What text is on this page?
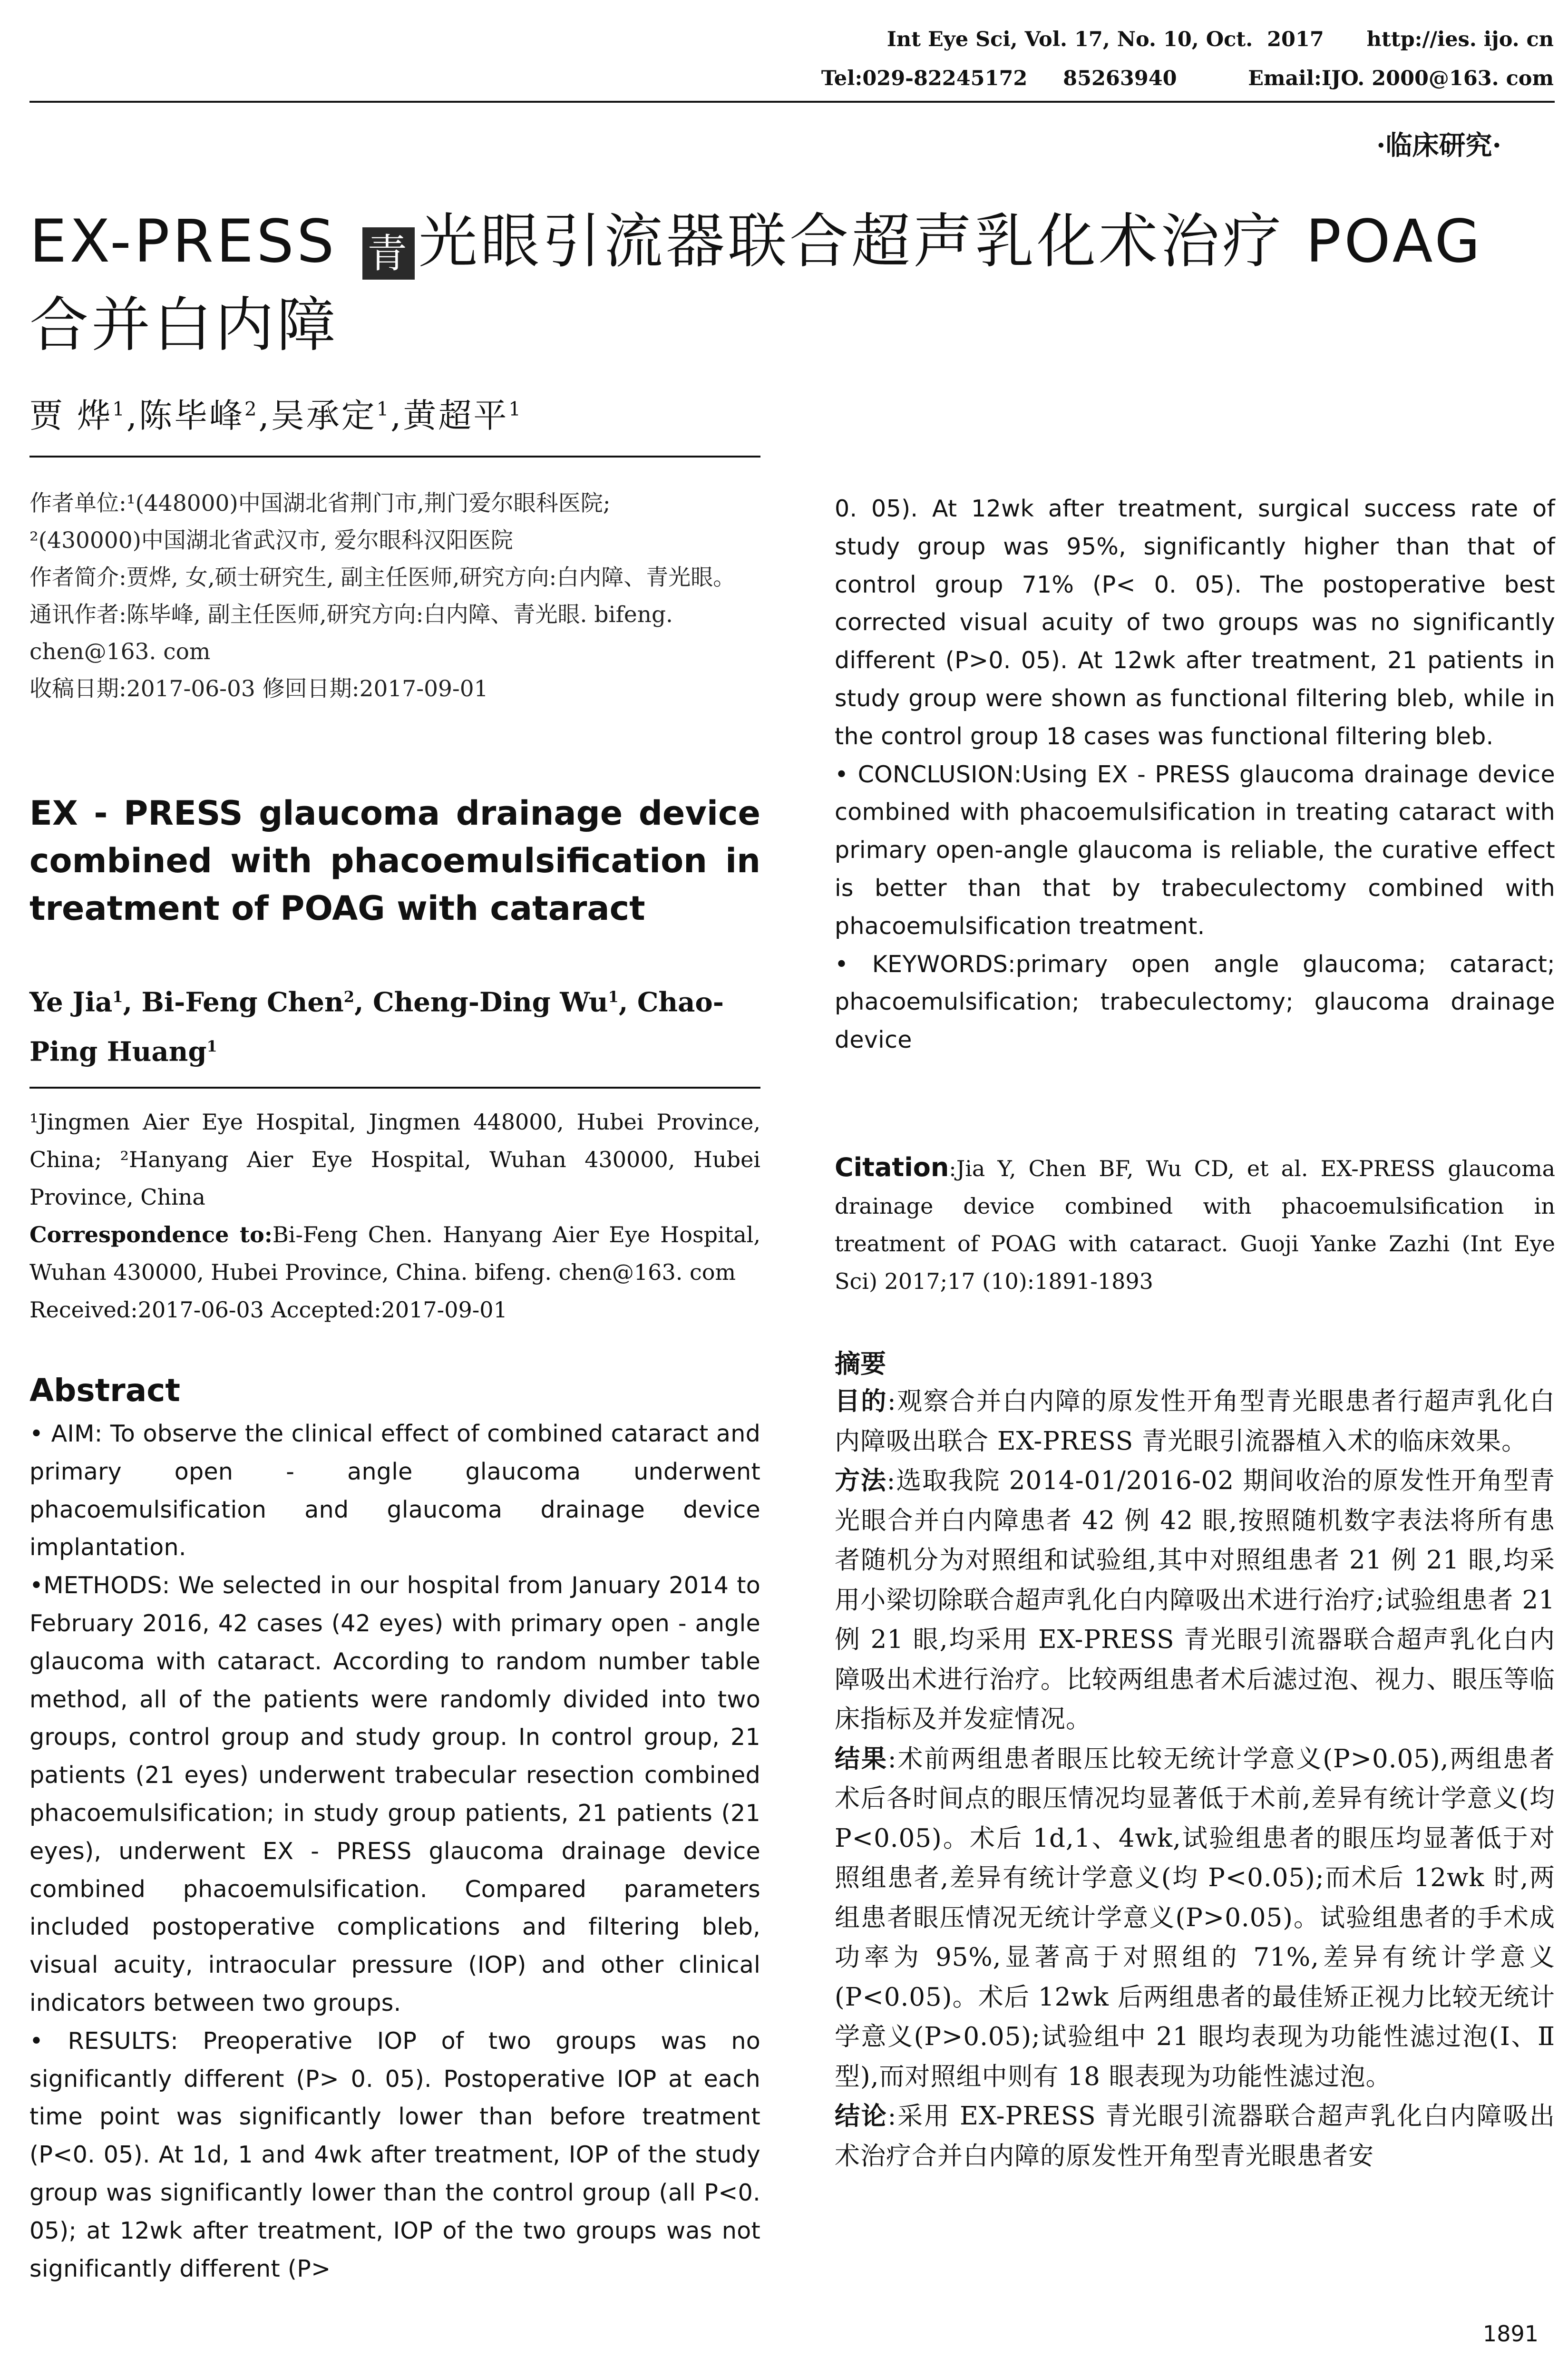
Int Eye Sci, Vol. 17, No. 10, Oct.  2017      http://ies. ijo. cn
Tel:029-82245172     85263940          Email:IJO. 2000@163. com
·临床研究·
EX-PRESS 青 光眼引流器联合超声乳化术治疗 POAG 合并白内障
贾 烨$^1$,陈毕峰$^2$,吴承定$^1$,黄超平$^1$
作者单位:¹(448000)中国湖北省荆门市,荆门爱尔眼科医院;
²(430000)中国湖北省武汉市, 爱尔眼科汉阳医院
作者简介:贾烨, 女,硕士研究生, 副主任医师,研究方向:白内障、青光眼。
通讯作者:陈毕峰, 副主任医师,研究方向:白内障、青光眼. bifeng. chen@163. com
收稿日期:2017-06-03 修回日期:2017-09-01
EX - PRESS glaucoma drainage device combined with phacoemulsification in treatment of POAG with cataract
Ye Jia$^1$, Bi-Feng Chen$^2$, Cheng-Ding Wu$^1$, Chao-Ping Huang$^1$
¹Jingmen Aier Eye Hospital, Jingmen 448000, Hubei Province, China; ²Hanyang Aier Eye Hospital, Wuhan 430000, Hubei Province, China
Correspondence to:Bi-Feng Chen. Hanyang Aier Eye Hospital, Wuhan 430000, Hubei Province, China. bifeng. chen@163. com
Received:2017-06-03 Accepted:2017-09-01
Abstract

• AIM: To observe the clinical effect of combined cataract and primary open - angle glaucoma underwent phacoemulsification and glaucoma drainage device implantation.

•METHODS: We selected in our hospital from January 2014 to February 2016, 42 cases (42 eyes) with primary open - angle glaucoma with cataract. According to random number table method, all of the patients were randomly divided into two groups, control group and study group. In control group, 21 patients (21 eyes) underwent trabecular resection combined phacoemulsification; in study group patients, 21 patients (21 eyes), underwent EX - PRESS glaucoma drainage device combined phacoemulsification. Compared parameters included postoperative complications and filtering bleb, visual acuity, intraocular pressure (IOP) and other clinical indicators between two groups.

• RESULTS: Preoperative IOP of two groups was no significantly different (P> 0. 05). Postoperative IOP at each time point was significantly lower than before treatment (P<0. 05). At 1d, 1 and 4wk after treatment, IOP of the study group was significantly lower than the control group (all P<0. 05); at 12wk after treatment, IOP of the two groups was not significantly different (P>

0. 05). At 12wk after treatment, surgical success rate of study group was 95%, significantly higher than that of control group 71% (P< 0. 05). The postoperative best corrected visual acuity of two groups was no significantly different (P>0. 05). At 12wk after treatment, 21 patients in study group were shown as functional filtering bleb, while in the control group 18 cases was functional filtering bleb.

• CONCLUSION:Using EX - PRESS glaucoma drainage device combined with phacoemulsification in treating cataract with primary open-angle glaucoma is reliable, the curative effect is better than that by trabeculectomy combined with phacoemulsification treatment.

• KEYWORDS:primary open angle glaucoma; cataract; phacoemulsification; trabeculectomy; glaucoma drainage device

Citation:Jia Y, Chen BF, Wu CD, et al. EX-PRESS glaucoma drainage device combined with phacoemulsification in treatment of POAG with cataract. Guoji Yanke Zazhi (Int Eye Sci) 2017;17 (10):1891-1893
摘要

目的:观察合并白内障的原发性开角型青光眼患者行超声乳化白内障吸出联合 EX-PRESS 青光眼引流器植入术的临床效果。

方法:选取我院 2014-01/2016-02 期间收治的原发性开角型青光眼合并白内障患者 42 例 42 眼,按照随机数字表法将所有患者随机分为对照组和试验组,其中对照组患者 21 例 21 眼,均采用小梁切除联合超声乳化白内障吸出术进行治疗;试验组患者 21 例 21 眼,均采用 EX-PRESS 青光眼引流器联合超声乳化白内障吸出术进行治疗。比较两组患者术后滤过泡、视力、眼压等临床指标及并发症情况。

结果:术前两组患者眼压比较无统计学意义(P>0.05),两组患者术后各时间点的眼压情况均显著低于术前,差异有统计学意义(均 P<0.05)。术后 1d,1、4wk,试验组患者的眼压均显著低于对照组患者,差异有统计学意义(均 P<0.05);而术后 12wk 时,两组患者眼压情况无统计学意义(P>0.05)。试验组患者的手术成功率为 95%,显著高于对照组的 71%,差异有统计学意义(P<0.05)。术后 12wk 后两组患者的最佳矫正视力比较无统计学意义(P>0.05);试验组中 21 眼均表现为功能性滤过泡(Ⅰ、Ⅱ型),而对照组中则有 18 眼表现为功能性滤过泡。

结论:采用 EX-PRESS 青光眼引流器联合超声乳化白内障吸出术治疗合并白内障的原发性开角型青光眼患者安

1891
